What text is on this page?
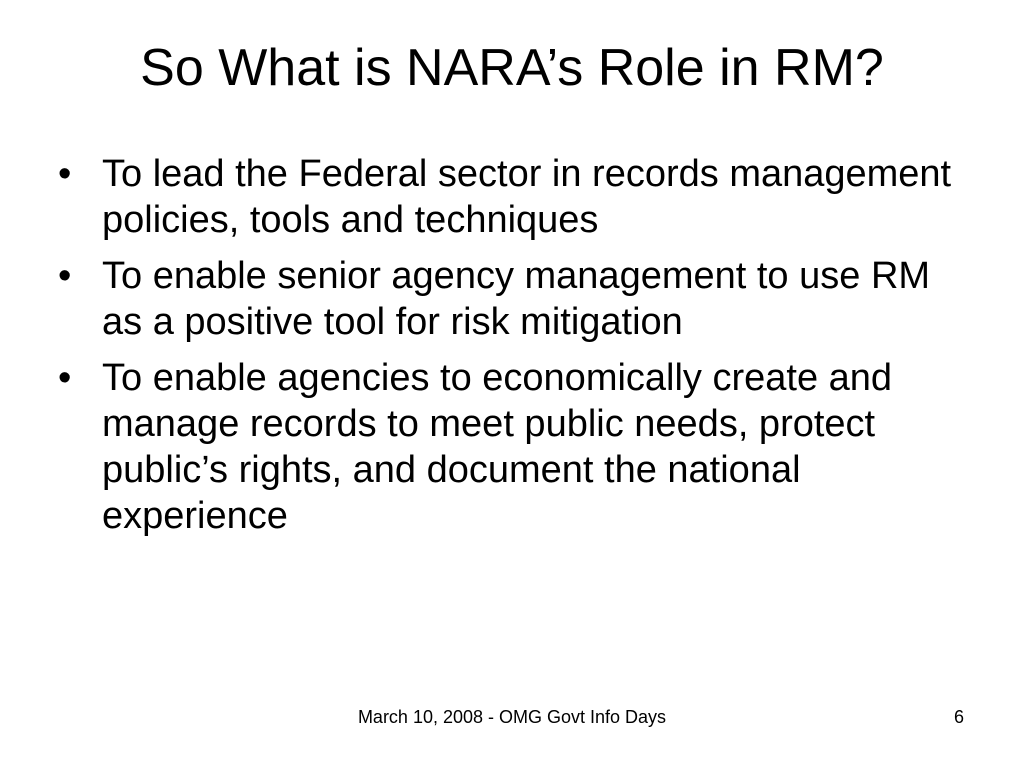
So What is NARA’s Role in RM?
• To lead the Federal sector in records management policies, tools and techniques
• To enable senior agency management to use RM as a positive tool for risk mitigation
• To enable agencies to economically create and manage records to meet public needs, protect public’s rights, and document the national experience
March 10, 2008 - OMG Govt Info Days	6
